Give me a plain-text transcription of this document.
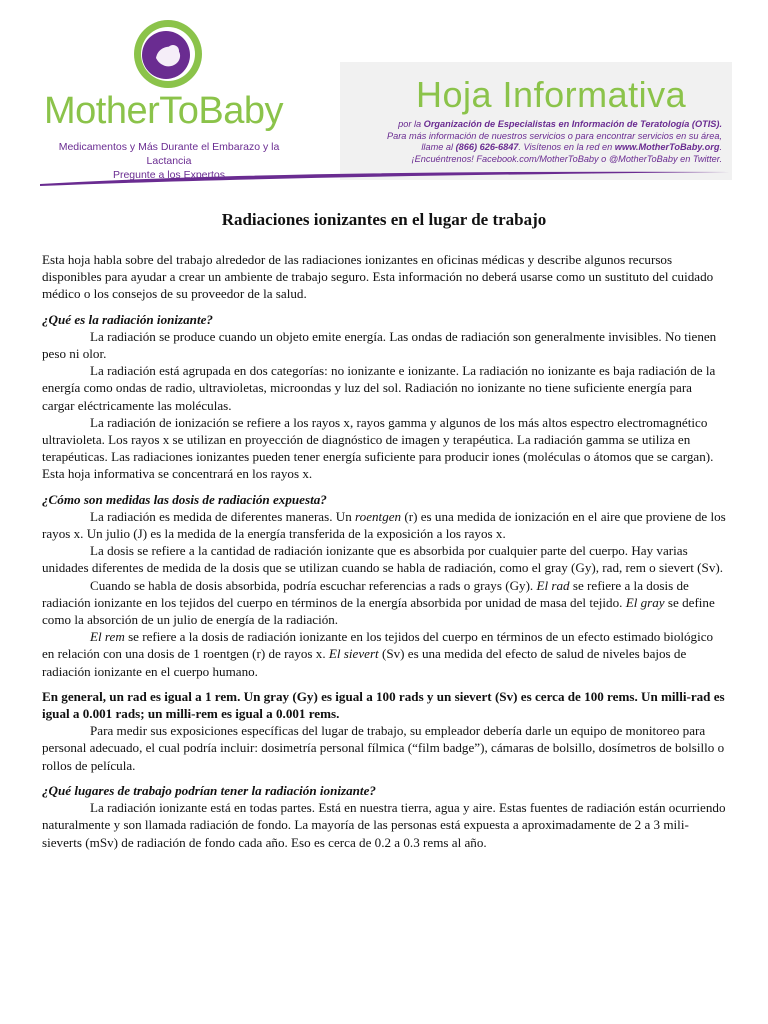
MotherToBaby
Medicamentos y Más Durante el Embarazo y la Lactancia
Pregunte a los Expertos
Hoja Informativa
por la Organización de Especialistas en Información de Teratología (OTIS).
Para más información de nuestros servicios o para encontrar servicios en su área,
llame al (866) 626-6847. Visítenos en la red en www.MotherToBaby.org.
¡Encuéntrenos! Facebook.com/MotherToBaby o @MotherToBaby en Twitter.
Radiaciones ionizantes en el lugar de trabajo

Esta hoja habla sobre del trabajo alrededor de las radiaciones ionizantes en oficinas médicas y describe algunos recursos disponibles para ayudar a crear un ambiente de trabajo seguro. Esta información no deberá usarse como un sustituto del cuidado médico o los consejos de su proveedor de la salud.

¿Qué es la radiación ionizante?

La radiación se produce cuando un objeto emite energía. Las ondas de radiación son generalmente invisibles. No tienen peso ni olor.

La radiación está agrupada en dos categorías: no ionizante e ionizante. La radiación no ionizante es baja radiación de la energía como ondas de radio, ultravioletas, microondas y luz del sol. Radiación no ionizante no tiene suficiente energía para cargar eléctricamente las moléculas.

La radiación de ionización se refiere a los rayos x, rayos gamma y algunos de los más altos espectro electromagnético ultravioleta. Los rayos x se utilizan en proyección de diagnóstico de imagen y terapéutica. La radiación gamma se utiliza en terapéuticas. Las radiaciones ionizantes pueden tener energía suficiente para producir iones (moléculas o átomos que se cargan). Esta hoja informativa se concentrará en los rayos x.

¿Cómo son medidas las dosis de radiación expuesta?

La radiación es medida de diferentes maneras. Un roentgen (r) es una medida de ionización en el aire que proviene de los rayos x. Un julio (J) es la medida de la energía transferida de la exposición a los rayos x.

La dosis se refiere a la cantidad de radiación ionizante que es absorbida por cualquier parte del cuerpo. Hay varias unidades diferentes de medida de la dosis que se utilizan cuando se habla de radiación, como el gray (Gy), rad, rem o sievert (Sv).

Cuando se habla de dosis absorbida, podría escuchar referencias a rads o grays (Gy). El rad se refiere a la dosis de radiación ionizante en los tejidos del cuerpo en términos de la energía absorbida por unidad de masa del tejido. El gray se define como la absorción de un julio de energía de la radiación.

El rem se refiere a la dosis de radiación ionizante en los tejidos del cuerpo en términos de un efecto estimado biológico en relación con una dosis de 1 roentgen (r) de rayos x. El sievert (Sv) es una medida del efecto de salud de niveles bajos de radiación ionizante en el cuerpo humano.

En general, un rad es igual a 1 rem. Un gray (Gy) es igual a 100 rads y un sievert (Sv) es cerca de 100 rems. Un milli-rad es igual a 0.001 rads; un milli-rem es igual a 0.001 rems.

Para medir sus exposiciones específicas del lugar de trabajo, su empleador debería darle un equipo de monitoreo para personal adecuado, el cual podría incluir: dosimetría personal fílmica (“film badge”), cámaras de bolsillo, dosímetros de bolsillo o rollos de película.

¿Qué lugares de trabajo podrían tener la radiación ionizante?

La radiación ionizante está en todas partes. Está en nuestra tierra, agua y aire. Estas fuentes de radiación están ocurriendo naturalmente y son llamada radiación de fondo. La mayoría de las personas está expuesta a aproximadamente de 2 a 3 mili-sieverts (mSv) de radiación de fondo cada año. Eso es cerca de 0.2 a 0.3 rems al año.
